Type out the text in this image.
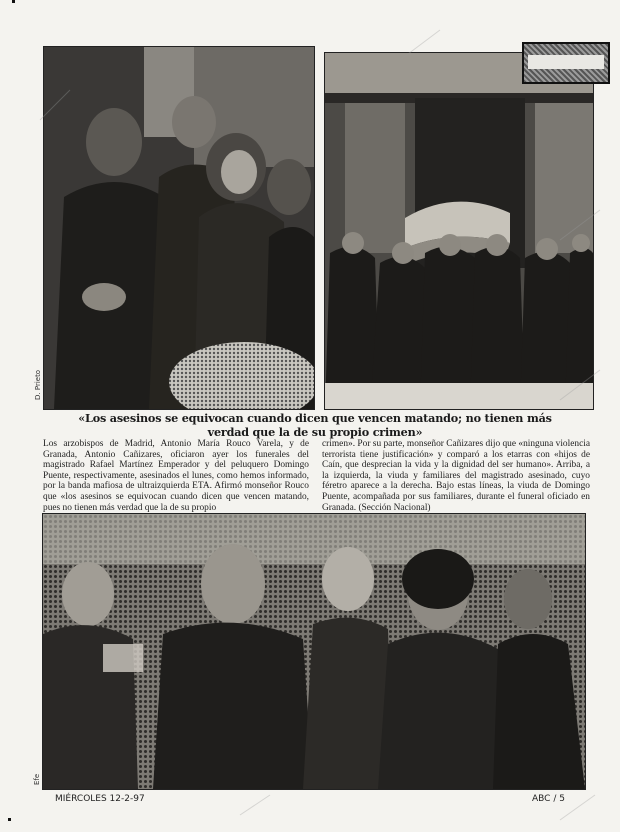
D. Prieto
«Los asesinos se equivocan cuando dicen que vencen matando; no tienen más
verdad que la de su propio crimen»
Los arzobispos de Madrid, Antonio María Rouco Varela, y de Granada, Antonio Cañizares, oficiaron ayer los funerales del magistrado Rafael Martínez Emperador y del peluquero Domingo Puente, respectivamente, asesinados el lunes, como hemos informado, por la banda mafiosa de ultraizquierda ETA. Afirmó monseñor Rouco que «los asesinos se equivocan cuando dicen que vencen matando, pues no tienen más verdad que la de su propio
crimen». Por su parte, monseñor Cañizares dijo que «ninguna violencia terrorista tiene justificación» y comparó a los etarras con «hijos de Caín, que desprecian la vida y la dignidad del ser humano». Arriba, a la izquierda, la viuda y familiares del magistrado asesinado, cuyo féretro aparece a la derecha. Bajo estas líneas, la viuda de Domingo Puente, acompañada por sus familiares, durante el funeral oficiado en Granada. (Sección Nacional)
Efe
MIÉRCOLES 12-2-97	ABC / 5
